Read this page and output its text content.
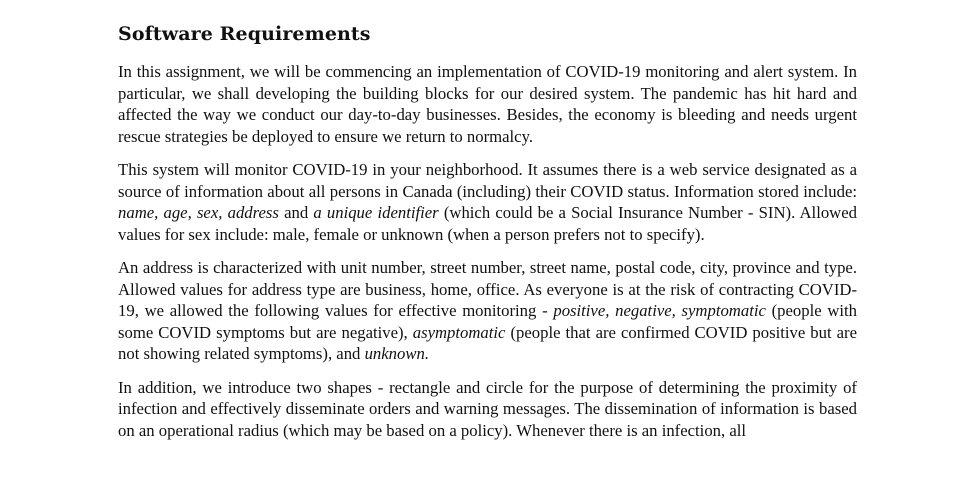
Software Requirements

In this assignment, we will be commencing an implementation of COVID-19 monitoring and alert system. In particular, we shall developing the building blocks for our desired system. The pandemic has hit hard and affected the way we conduct our day-to-day businesses. Besides, the economy is bleeding and needs urgent rescue strategies be deployed to ensure we return to normalcy.

This system will monitor COVID-19 in your neighborhood. It assumes there is a web service designated as a source of information about all persons in Canada (including) their COVID status. Information stored include: name, age, sex, address and a unique identifier (which could be a Social Insurance Number - SIN). Allowed values for sex include: male, female or unknown (when a person prefers not to specify).

An address is characterized with unit number, street number, street name, postal code, city, province and type. Allowed values for address type are business, home, office. As everyone is at the risk of contracting COVID-19, we allowed the following values for effective monitoring - positive, negative, symptomatic (people with some COVID symptoms but are negative), asymptomatic (people that are confirmed COVID positive but are not showing related symptoms), and unknown.

In addition, we introduce two shapes - rectangle and circle for the purpose of determining the proximity of infection and effectively disseminate orders and warning messages. The dissemination of information is based on an operational radius (which may be based on a policy). Whenever there is an infection, all
